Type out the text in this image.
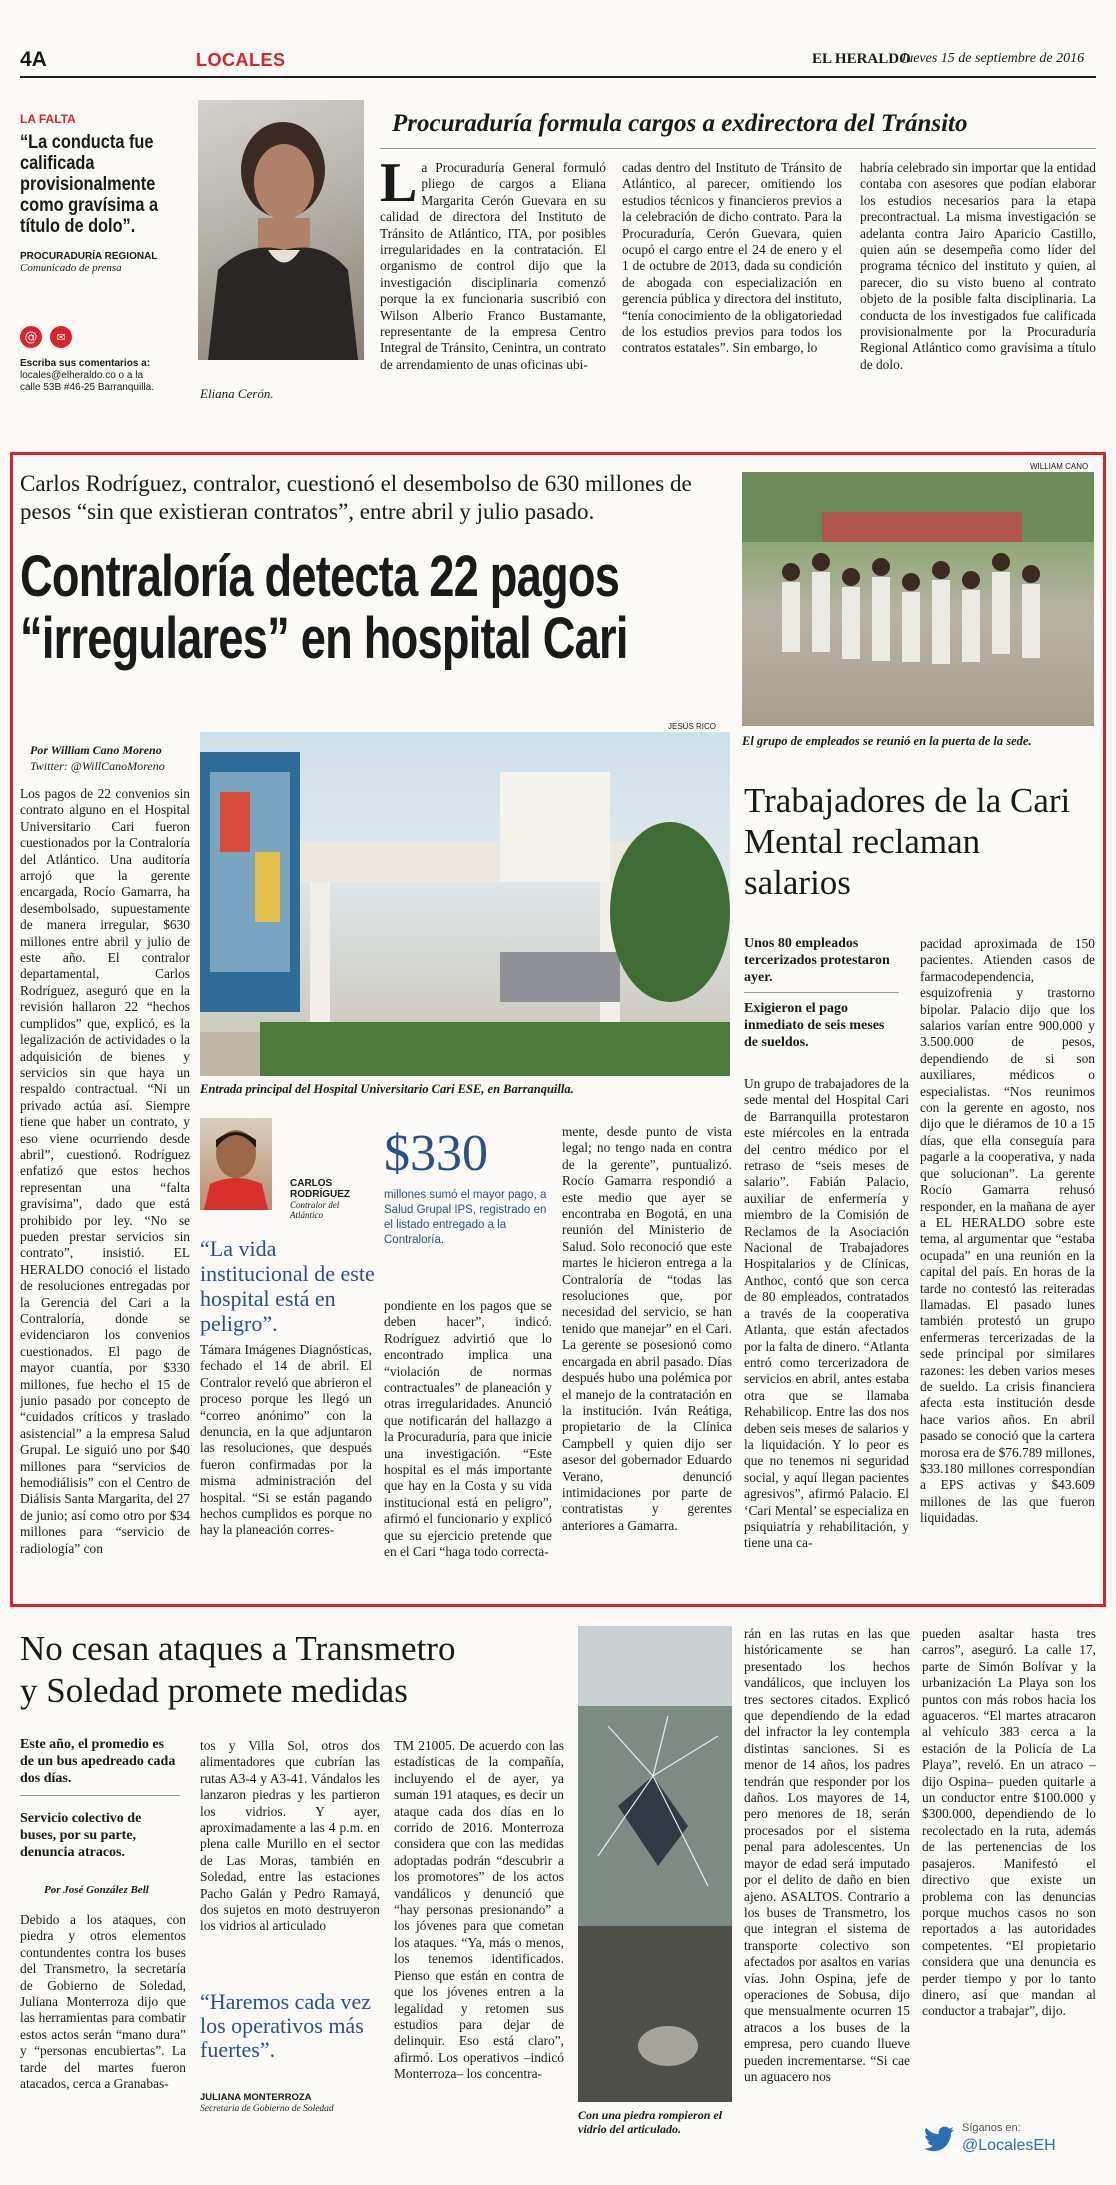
4A	LOCALES	EL HERALDO
Jueves 15 de septiembre de 2016
LA FALTA
“La conducta fue calificada provisionalmente como gravísima a título de dolo”.
PROCURADURÍA REGIONAL
Comunicado de prensa
@	✉
Escriba sus comentarios a:
locales@elheraldo.co o a la
calle 53B #46-25 Barranquilla.	Eliana Cerón.
Procuraduría formula cargos a exdirectora del Tránsito
L a Procuraduría General formuló pliego de cargos a Eliana Margarita Cerón Guevara en su calidad de directora del Instituto de Tránsito de Atlántico, ITA, por posibles irregularidades en la contratación. El organismo de control dijo que la investigación disciplinaria comenzó porque la ex funcionaria suscribió con Wilson Alberio Franco Bustamante, representante de la empresa Centro Integral de Tránsito, Cenintra, un contrato de arrendamiento de unas oficinas ubi-
cadas dentro del Instituto de Tránsito de Atlántico, al parecer, omitiendo los estudios técnicos y financieros previos a la celebración de dicho contrato. Para la Procuraduría, Cerón Guevara, quien ocupó el cargo entre el 24 de enero y el 1 de octubre de 2013, dada su condición de abogada con especialización en gerencia pública y directora del instituto, “tenía conocimiento de la obligatoriedad de los estudios previos para todos los contratos estatales”. Sin embargo, lo
habría celebrado sin importar que la entidad contaba con asesores que podían elaborar los estudios necesarios para la etapa precontractual. La misma investigación se adelanta contra Jairo Aparicio Castillo, quien aún se desempeña como líder del programa técnico del instituto y quien, al parecer, dio su visto bueno al contrato objeto de la posible falta disciplinaria. La conducta de los investigados fue calificada provisionalmente por la Procuraduría Regional Atlántico como gravísima a título de dolo.
Carlos Rodríguez, contralor, cuestionó el desembolso de 630 millones de pesos “sin que existieran contratos”, entre abril y julio pasado.
Contraloría detecta 22 pagos
“irregulares” en hospital Cari
WILLIAM CANO
El grupo de empleados se reunió en la puerta de la sede.
Por William Cano Moreno
Twitter: @WillCanoMoreno
JESÚS RICO
Entrada principal del Hospital Universitario Cari ESE, en Barranquilla.
Los pagos de 22 convenios sin contrato alguno en el Hospital Universitario Cari fueron cuestionados por la Contraloría del Atlántico. Una auditoría arrojó que la gerente encargada, Rocío Gamarra, ha desembolsado, supuestamente de manera irregular, $630 millones entre abril y julio de este año. El contralor departamental, Carlos Rodríguez, aseguró que en la revisión hallaron 22 “hechos cumplidos” que, explicó, es la legalización de actividades o la adquisición de bienes y servicios sin que haya un respaldo contractual. “Ni un privado actúa así. Siempre tiene que haber un contrato, y eso viene ocurriendo desde abril”, cuestionó. Rodríguez enfatizó que estos hechos representan una “falta gravísima”, dado que está prohibido por ley. “No se pueden prestar servicios sin contrato”, insistió. EL HERALDO conoció el listado de resoluciones entregadas por la Gerencia del Cari a la Contraloría, donde se evidenciaron los convenios cuestionados. El pago de mayor cuantía, por $330 millones, fue hecho el 15 de junio pasado por concepto de “cuidados críticos y traslado asistencial” a la empresa Salud Grupal. Le siguió uno por $40 millones para “servicios de hemodiálisis” con el Centro de Diálisis Santa Margarita, del 27 de junio; así como otro por $34 millones para “servicio de radiología” con
CARLOS RODRÍGUEZ
Contralor del Atlántico
“La vida institucional de este hospital está en peligro”.
$330
millones sumó el mayor pago, a Salud Grupal IPS, registrado en el listado entregado a la Contraloría.
Támara Imágenes Diagnósticas, fechado el 14 de abril. El Contralor reveló que abrieron el proceso porque les llegó un “correo anónimo” con la denuncia, en la que adjuntaron las resoluciones, que después fueron confirmadas por la misma administración del hospital. “Si se están pagando hechos cumplidos es porque no hay la planeación corres-
pondiente en los pagos que se deben hacer”, indicó. Rodríguez advirtió que lo encontrado implica una “violación de normas contractuales” de planeación y otras irregularidades. Anunció que notificarán del hallazgo a la Procuraduría, para que inicie una investigación. “Este hospital es el más importante que hay en la Costa y su vida institucional está en peligro”, afirmó el funcionario y explicó que su ejercicio pretende que en el Cari “haga todo correcta-
mente, desde punto de vista legal; no tengo nada en contra de la gerente”, puntualizó. Rocío Gamarra respondió a este medio que ayer se encontraba en Bogotá, en una reunión del Ministerio de Salud. Solo reconoció que este martes le hicieron entrega a la Contraloría de “todas las resoluciones que, por necesidad del servicio, se han tenido que manejar” en el Cari. La gerente se posesionó como encargada en abril pasado. Días después hubo una polémica por el manejo de la contratación en la institución. Iván Reátiga, propietario de la Clínica Campbell y quien dijo ser asesor del gobernador Eduardo Verano, denunció intimidaciones por parte de contratistas y gerentes anteriores a Gamarra.
Trabajadores de la Cari Mental reclaman salarios
Unos 80 empleados tercerizados protestaron ayer.
Exigieron el pago inmediato de seis meses de sueldos.
Un grupo de trabajadores de la sede mental del Hospital Cari de Barranquilla protestaron este miércoles en la entrada del centro médico por el retraso de “seis meses de salario”. Fabián Palacio, auxiliar de enfermería y miembro de la Comisión de Reclamos de la Asociación Nacional de Trabajadores Hospitalarios y de Clínicas, Anthoc, contó que son cerca de 80 empleados, contratados a través de la cooperativa Atlanta, que están afectados por la falta de dinero. “Atlanta entró como tercerizadora de servicios en abril, antes estaba otra que se llamaba Rehabilicop. Entre las dos nos deben seis meses de salarios y la liquidación. Y lo peor es que no tenemos ni seguridad social, y aquí llegan pacientes agresivos”, afirmó Palacio. El ‘Cari Mental’ se especializa en psiquiatría y rehabilitación, y tiene una ca-
pacidad aproximada de 150 pacientes. Atienden casos de farmacodependencia, esquizofrenia y trastorno bipolar. Palacio dijo que los salarios varían entre 900.000 y 3.500.000 de pesos, dependiendo de si son auxiliares, médicos o especialistas. “Nos reunimos con la gerente en agosto, nos dijo que le diéramos de 10 a 15 días, que ella conseguía para pagarle a la cooperativa, y nada que solucionan”. La gerente Rocío Gamarra rehusó responder, en la mañana de ayer a EL HERALDO sobre este tema, al argumentar que “estaba ocupada” en una reunión en la capital del país. En horas de la tarde no contestó las reiteradas llamadas. El pasado lunes también protestó un grupo enfermeras tercerizadas de la sede principal por similares razones: les deben varios meses de sueldo. La crisis financiera afecta esta institución desde hace varios años. En abril pasado se conoció que la cartera morosa era de $76.789 millones, $33.180 millones correspondían a EPS activas y $43.609 millones de las que fueron liquidadas.
No cesan ataques a Transmetro
y Soledad promete medidas
Este año, el promedio es de un bus apedreado cada dos días.
Servicio colectivo de buses, por su parte, denuncia atracos.
Por José González Bell
Debido a los ataques, con piedra y otros elementos contundentes contra los buses del Transmetro, la secretaría de Gobierno de Soledad, Juliana Monterroza dijo que las herramientas para combatir estos actos serán “mano dura” y “personas encubiertas”. La tarde del martes fueron atacados, cerca a Granabas-
tos y Villa Sol, otros dos alimentadores que cubrían las rutas A3-4 y A3-41. Vándalos les lanzaron piedras y les partieron los vidrios. Y ayer, aproximadamente a las 4 p.m. en plena calle Murillo en el sector de Las Moras, también en Soledad, entre las estaciones Pacho Galán y Pedro Ramayá, dos sujetos en moto destruyeron los vidrios al articulado
“Haremos cada vez los operativos más fuertes”.
JULIANA MONTERROZA
Secretaria de Gobierno de Soledad
TM 21005. De acuerdo con las estadísticas de la compañía, incluyendo el de ayer, ya suman 191 ataques, es decir un ataque cada dos días en lo corrido de 2016. Monterroza considera que con las medidas adoptadas podrán “descubrir a los promotores” de los actos vandálicos y denunció que “hay personas presionando” a los jóvenes para que cometan los ataques. “Ya, más o menos, los tenemos identificados. Pienso que están en contra de que los jóvenes entren a la legalidad y retomen sus estudios para dejar de delinquir. Eso está claro”, afirmó. Los operativos –indicó Monterroza– los concentra-
Con una piedra rompieron el vidrio del articulado.
rán en las rutas en las que históricamente se han presentado los hechos vandálicos, que incluyen los tres sectores citados. Explicó que dependiendo de la edad del infractor la ley contempla distintas sanciones. Si es menor de 14 años, los padres tendrán que responder por los daños. Los mayores de 14, pero menores de 18, serán procesados por el sistema penal para adolescentes. Un mayor de edad será imputado por el delito de daño en bien ajeno. ASALTOS. Contrario a los buses de Transmetro, los que integran el sistema de transporte colectivo son afectados por asaltos en varias vías. John Ospina, jefe de operaciones de Sobusa, dijo que mensualmente ocurren 15 atracos a los buses de la empresa, pero cuando llueve pueden incrementarse. “Si cae un aguacero nos
pueden asaltar hasta tres carros”, aseguró. La calle 17, parte de Simón Bolívar y la urbanización La Playa son los puntos con más robos hacia los aguaceros. “El martes atracaron al vehículo 383 cerca a la estación de la Policía de La Playa”, reveló. En un atraco –dijo Ospina– pueden quitarle a un conductor entre $100.000 y $300.000, dependiendo de lo recolectado en la ruta, además de las pertenencias de los pasajeros. Manifestó el directivo que existe un problema con las denuncias porque muchos casos no son reportados a las autoridades competentes. “El propietario considera que una denuncia es perder tiempo y por lo tanto dinero, así que mandan al conductor a trabajar”, dijo.
Síganos en:
@LocalesEH
